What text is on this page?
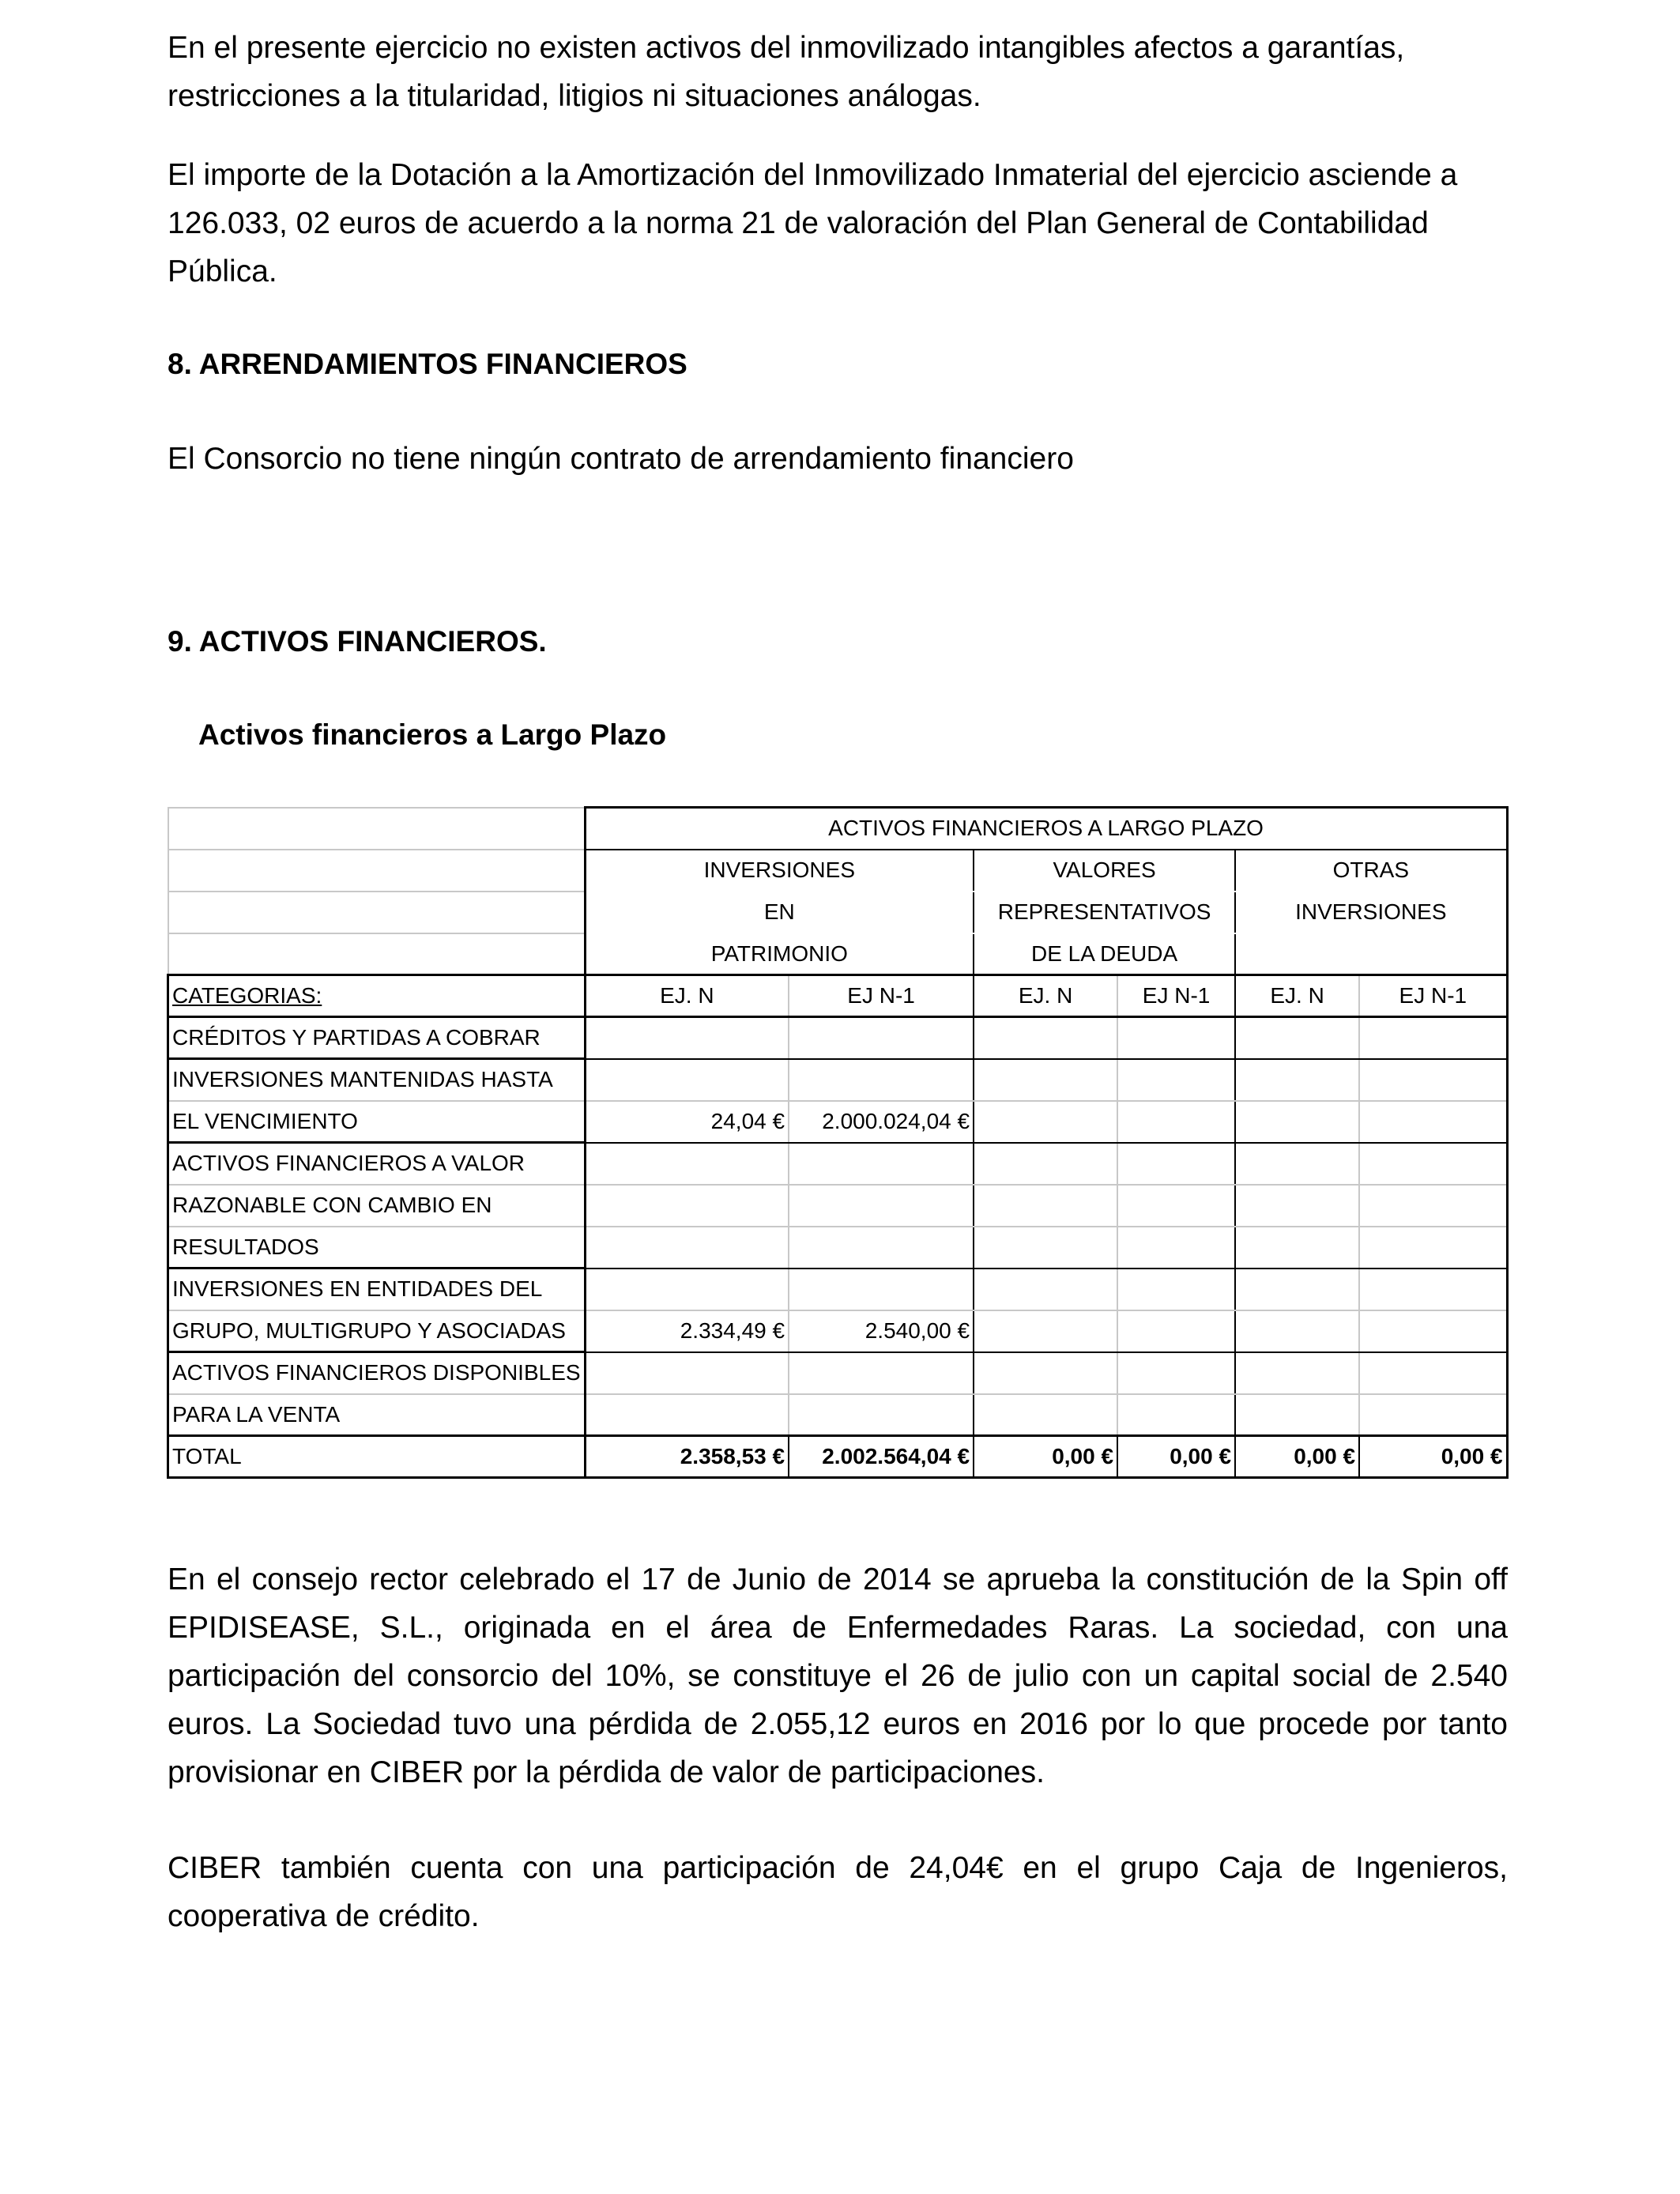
En el presente ejercicio no existen activos del inmovilizado intangibles afectos a garantías, restricciones a la titularidad, litigios ni situaciones análogas.

El importe de la Dotación a la Amortización del Inmovilizado Inmaterial del ejercicio asciende a 126.033, 02 euros de acuerdo a la norma 21 de valoración del Plan General de Contabilidad Pública.

8. ARRENDAMIENTOS FINANCIEROS

El Consorcio no tiene ningún contrato de arrendamiento financiero

9. ACTIVOS FINANCIEROS.
Activos financieros a Largo Plazo
	ACTIVOS FINANCIEROS A LARGO PLAZO					
	INVERSIONES		VALORES		OTRAS	
	EN		REPRESENTATIVOS		INVERSIONES	
	PATRIMONIO		DE LA DEUDA			
CATEGORIAS:	EJ. N	EJ N-1	EJ. N	EJ N-1	EJ. N	EJ N-1
CRÉDITOS Y PARTIDAS A COBRAR						
INVERSIONES MANTENIDAS HASTA						
EL VENCIMIENTO	24,04 €	2.000.024,04 €				
ACTIVOS FINANCIEROS A VALOR						
RAZONABLE CON CAMBIO EN						
RESULTADOS						
INVERSIONES EN ENTIDADES DEL						
GRUPO, MULTIGRUPO Y ASOCIADAS	2.334,49 €	2.540,00 €				
ACTIVOS FINANCIEROS DISPONIBLES						
PARA LA VENTA						
TOTAL	2.358,53 €	2.002.564,04 €	0,00 €	0,00 €	0,00 €	0,00 €

En el consejo rector celebrado el 17 de Junio de 2014 se aprueba la constitución de la Spin off EPIDISEASE, S.L., originada en el área de Enfermedades Raras. La sociedad, con una participación del consorcio del 10%, se constituye el 26 de julio con un capital social de 2.540 euros. La Sociedad tuvo una pérdida de 2.055,12 euros en 2016 por lo que procede por tanto provisionar en CIBER por la pérdida de valor de participaciones.

CIBER también cuenta con una participación de 24,04€ en el grupo Caja de Ingenieros, cooperativa de crédito.
